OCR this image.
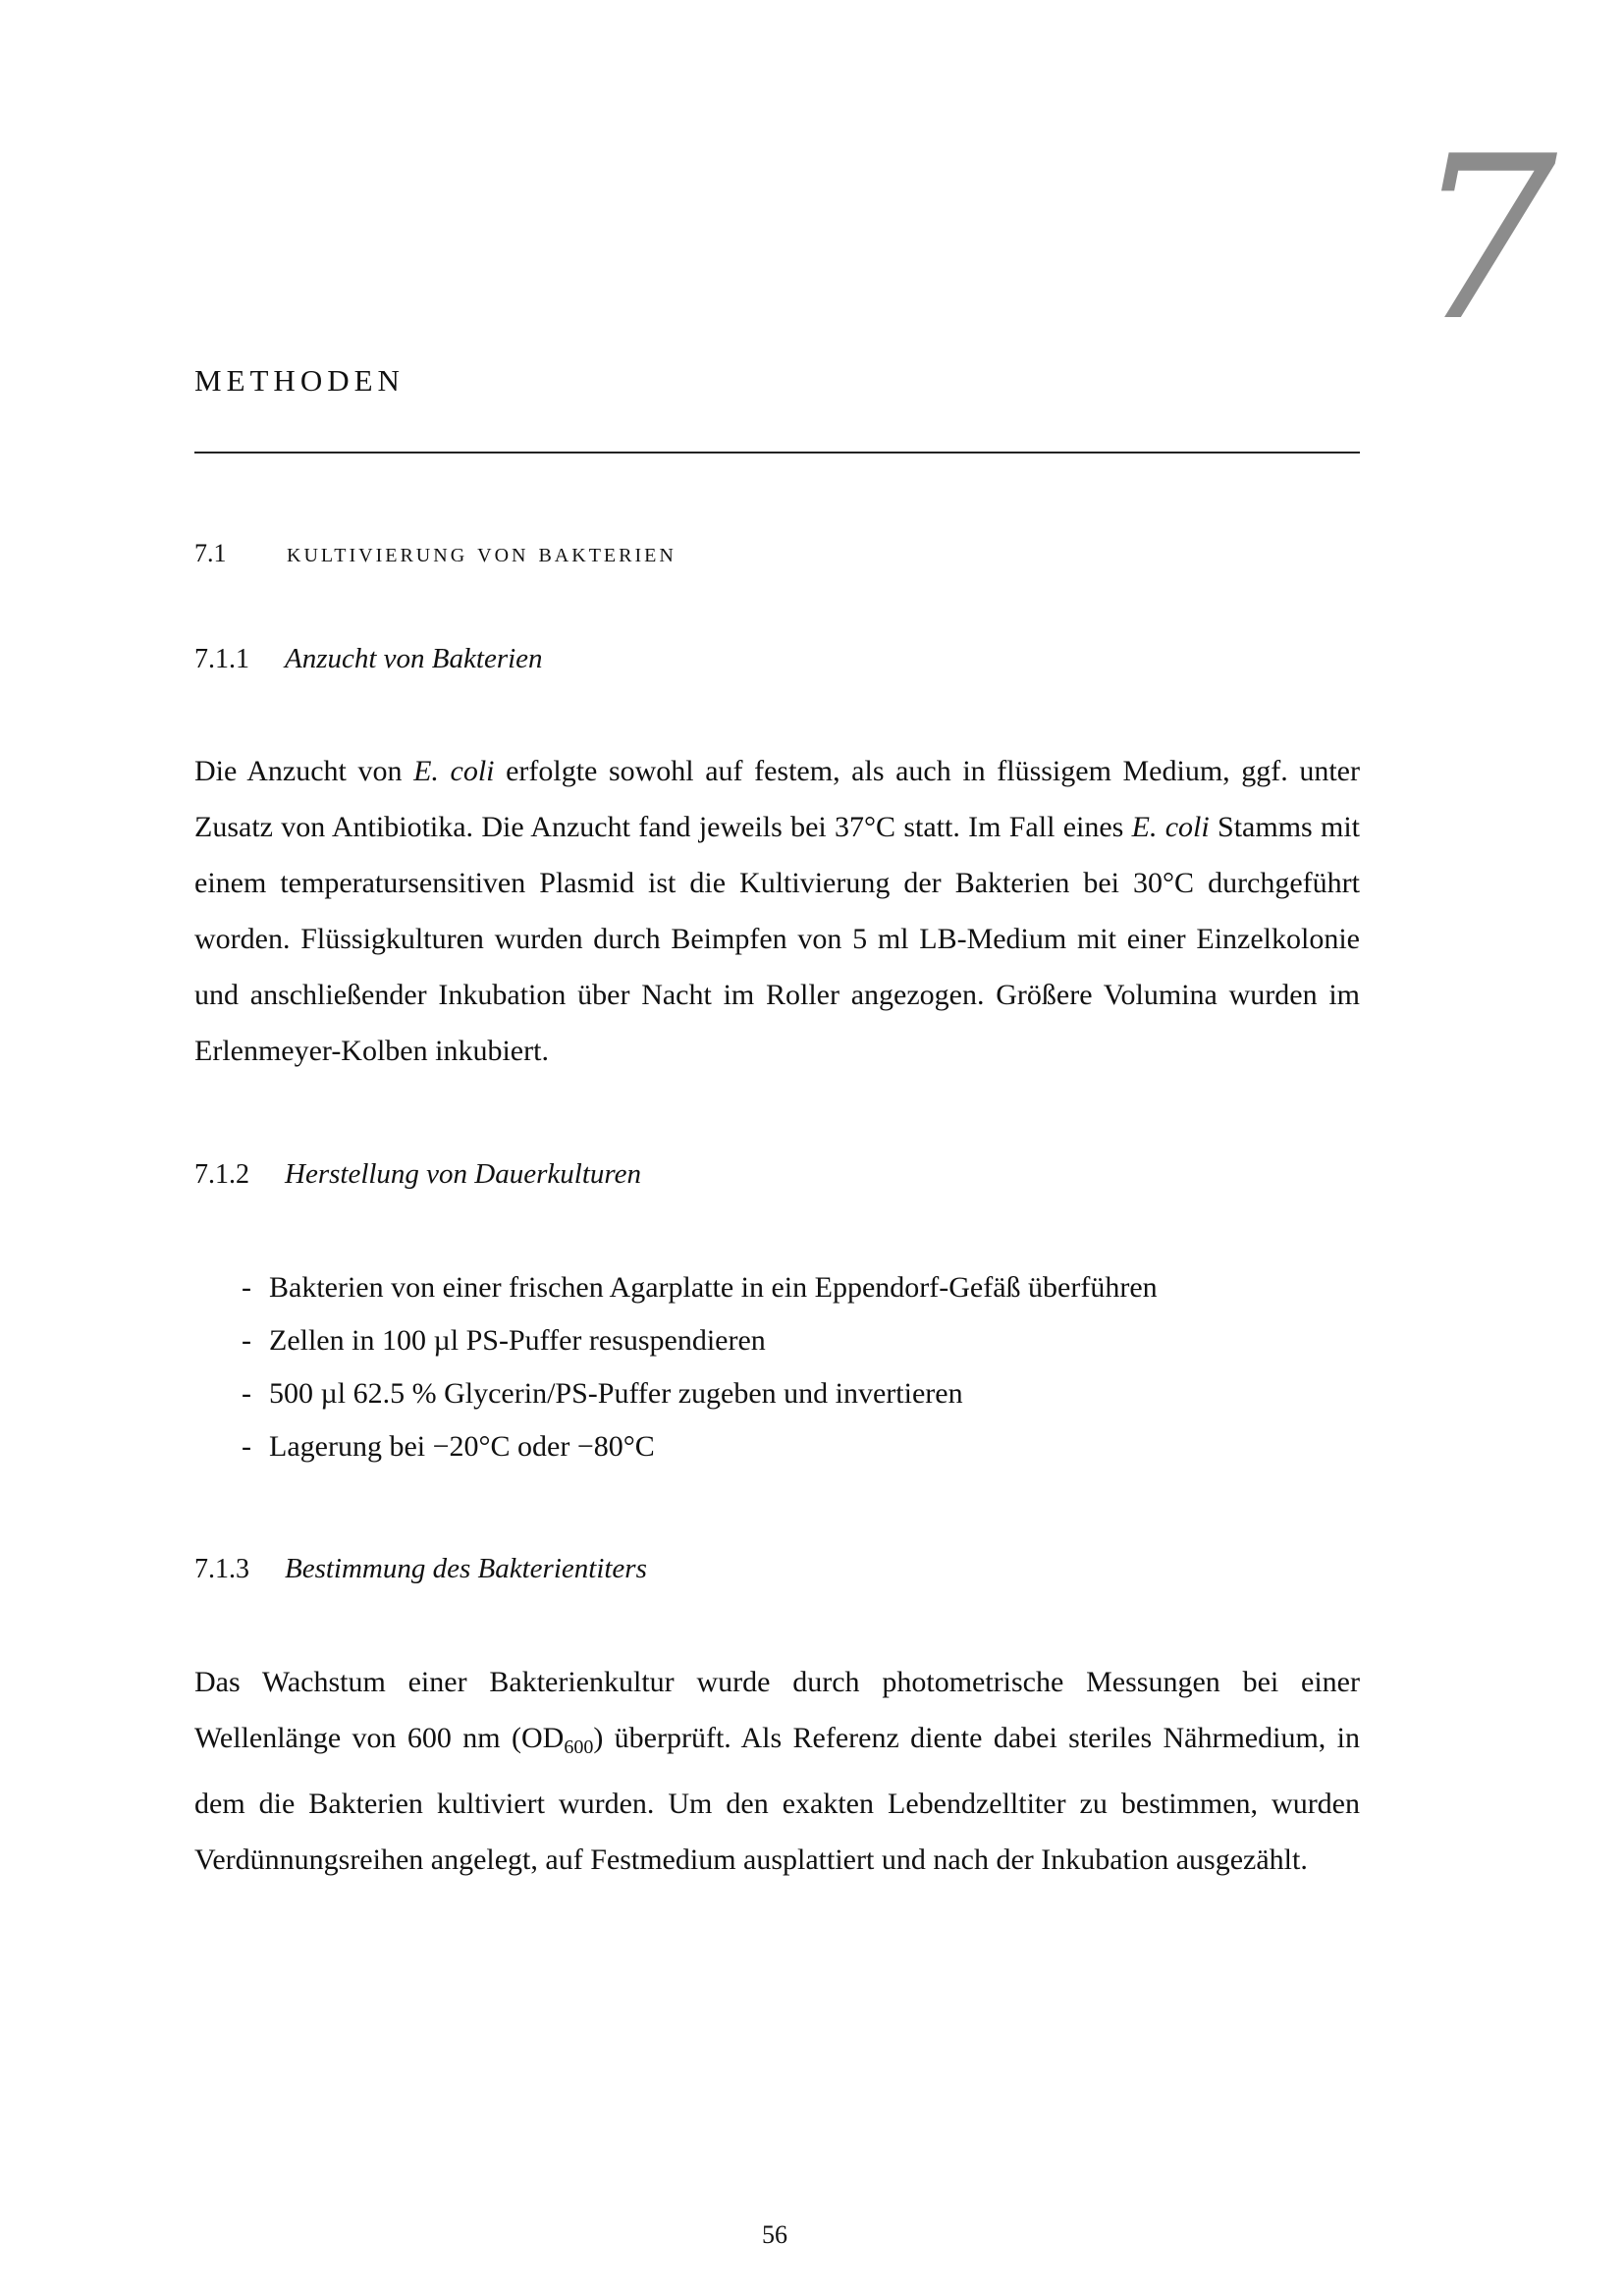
7
METHODEN
7.1 kultivierung von bakterien
7.1.1 Anzucht von Bakterien
Die Anzucht von E. coli erfolgte sowohl auf festem, als auch in flüssigem Medium, ggf. unter Zusatz von Antibiotika. Die Anzucht fand jeweils bei 37°C statt. Im Fall eines E. coli Stamms mit einem temperatursensitiven Plasmid ist die Kultivierung der Bakterien bei 30°C durchgeführt worden. Flüssigkulturen wurden durch Beimpfen von 5 ml LB-Medium mit einer Einzelkolonie und anschließender Inkubation über Nacht im Roller angezogen. Größere Volumina wurden im Erlenmeyer-Kolben inkubiert.
7.1.2 Herstellung von Dauerkulturen
- Bakterien von einer frischen Agarplatte in ein Eppendorf-Gefäß überführen
- Zellen in 100 µl PS-Puffer resuspendieren
- 500 µl 62.5 % Glycerin/PS-Puffer zugeben und invertieren
- Lagerung bei −20°C oder −80°C
7.1.3 Bestimmung des Bakterientiters
Das Wachstum einer Bakterienkultur wurde durch photometrische Messungen bei einer Wellenlänge von 600 nm $(OD_{600})$ überprüft. Als Referenz diente dabei steriles Nährmedium, in dem die Bakterien kultiviert wurden. Um den exakten Lebendzelltiter zu bestimmen, wurden Verdünnungsreihen angelegt, auf Festmedium ausplattiert und nach der Inkubation ausgezählt.
56
